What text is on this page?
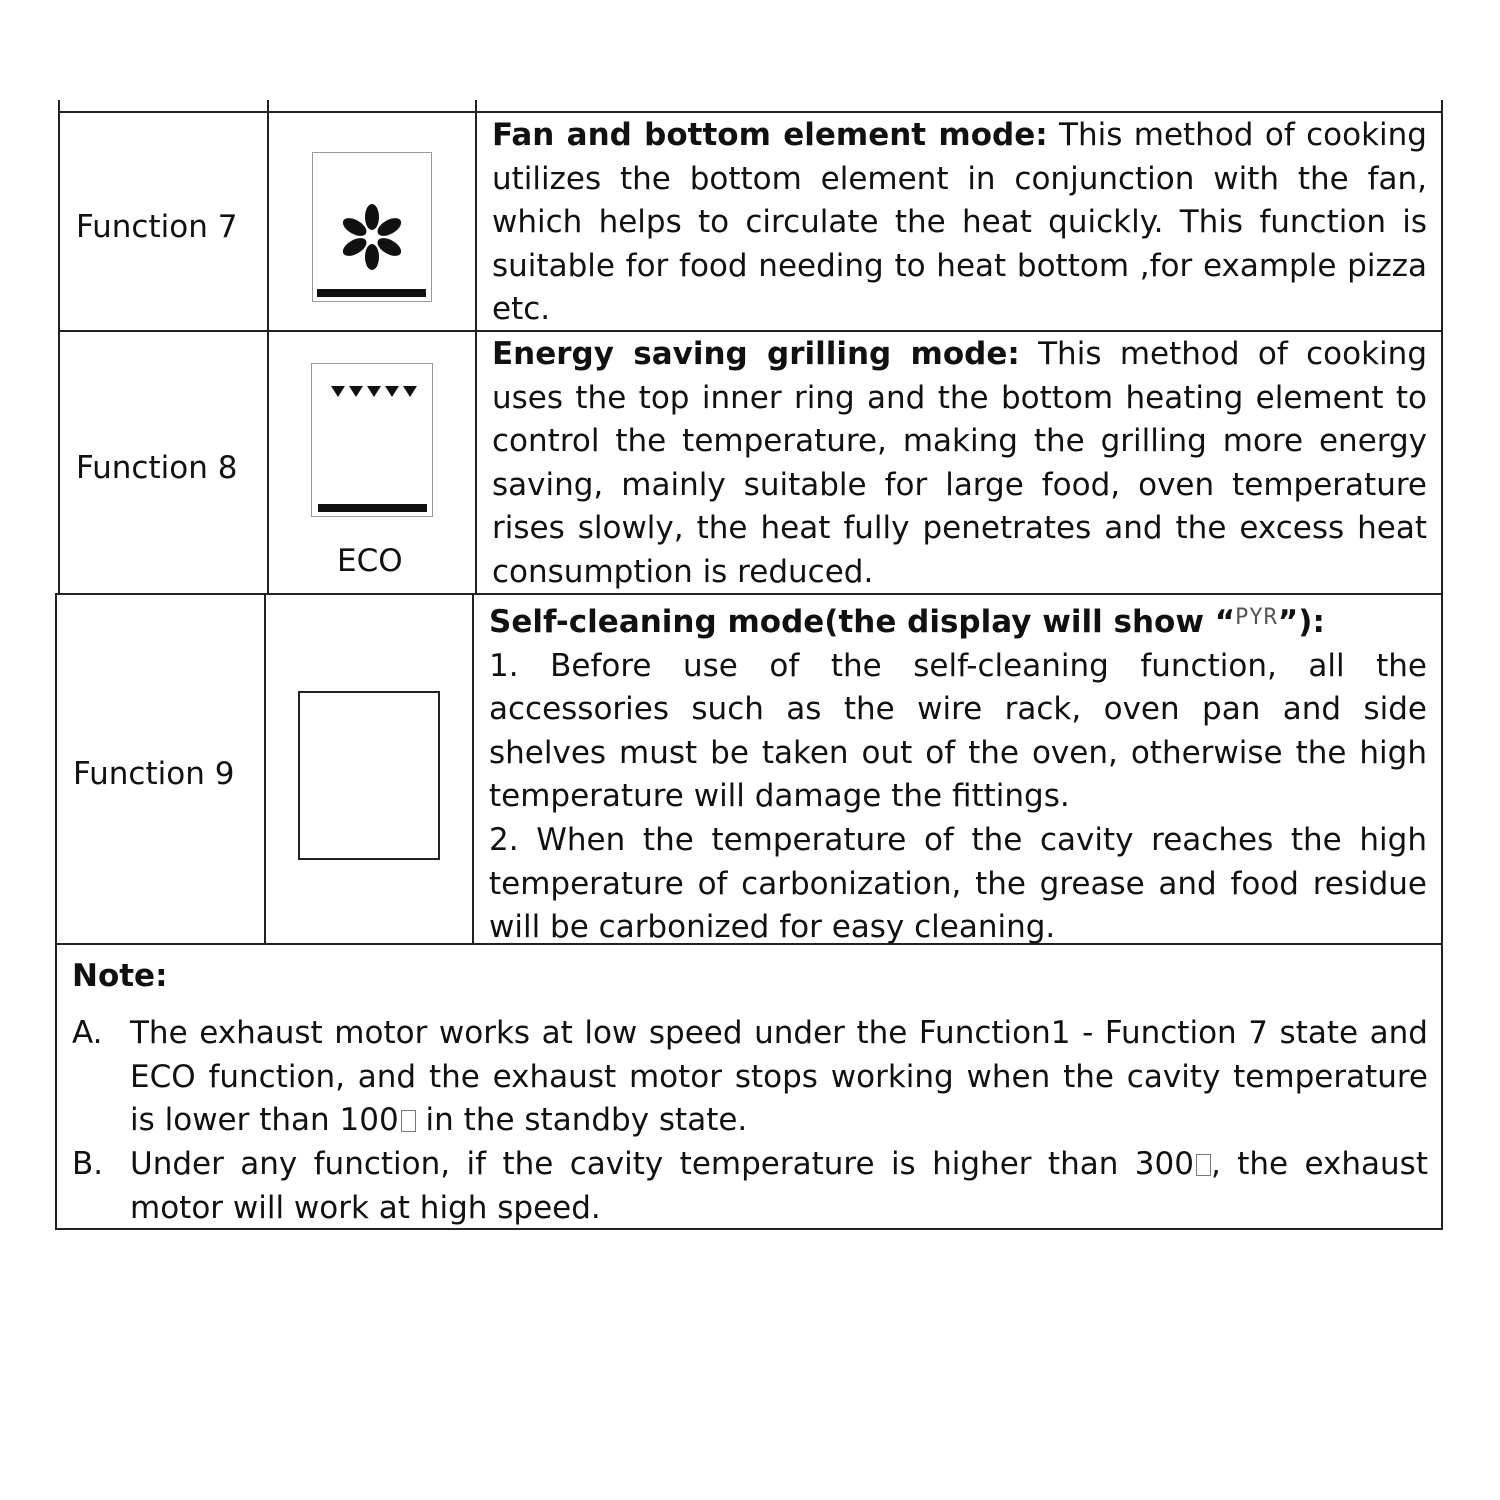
Function 7
Fan and bottom element mode: This method of cooking utilizes the bottom element in conjunction with the fan, which helps to circulate the heat quickly. This function is suitable for food needing to heat bottom ,for example pizza etc.
Function 8
ECO
Energy saving grilling mode: This method of cooking uses the top inner ring and the bottom heating element to control the temperature, making the grilling more energy saving, mainly suitable for large food, oven temperature rises slowly, the heat fully penetrates and the excess heat consumption is reduced.
Function 9
Self-cleaning mode(the display will show “PYR”):
1. Before use of the self-cleaning function, all the accessories such as the wire rack, oven pan and side shelves must be taken out of the oven, otherwise the high temperature will damage the fittings.
2. When the temperature of the cavity reaches the high temperature of carbonization, the grease and food residue will be carbonized for easy cleaning.
Note:
A. The exhaust motor works at low speed under the Function1 - Function 7 state and ECO function, and the exhaust motor stops working when the cavity temperature is lower than 100 in the standby state.
B. Under any function, if the cavity temperature is higher than 300 , the exhaust motor will work at high speed.
